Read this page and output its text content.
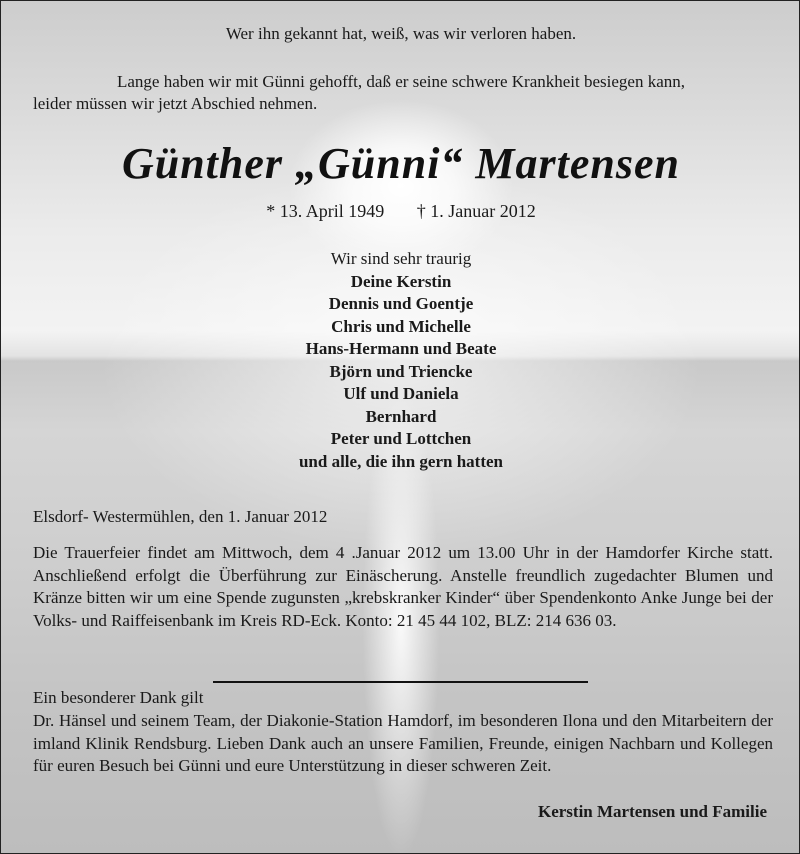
Wer ihn gekannt hat, weiß, was wir verloren haben.

Lange haben wir mit Günni gehofft, daß er seine schwere Krankheit besiegen kann,
leider müssen wir jetzt Abschied nehmen.
Günther „Günni“ Martensen
* 13. April 1949 † 1. Januar 2012
Wir sind sehr traurig
Deine Kerstin
Dennis und Goentje
Chris und Michelle
Hans-Hermann und Beate
Björn und Triencke
Ulf und Daniela
Bernhard
Peter und Lottchen
und alle, die ihn gern hatten

Elsdorf- Westermühlen, den 1. Januar 2012

Die Trauerfeier findet am Mittwoch, dem 4 .Januar 2012 um 13.00 Uhr in der Hamdorfer Kirche statt. Anschließend erfolgt die Überführung zur Einäscherung. Anstelle freundlich zugedachter Blumen und Kränze bitten wir um eine Spende zugunsten „krebskranker Kinder“ über Spendenkonto Anke Junge bei der Volks- und Raiffeisenbank im Kreis RD-Eck. Konto: 21 45 44 102, BLZ: 214 636 03.

Ein besonderer Dank gilt

Dr. Hänsel und seinem Team, der Diakonie-Station Hamdorf, im besonderen Ilona und den Mitarbeitern der imland Klinik Rendsburg. Lieben Dank auch an unsere Familien, Freunde, einigen Nachbarn und Kollegen für euren Besuch bei Günni und eure Unterstützung in dieser schweren Zeit.

Kerstin Martensen und Familie
